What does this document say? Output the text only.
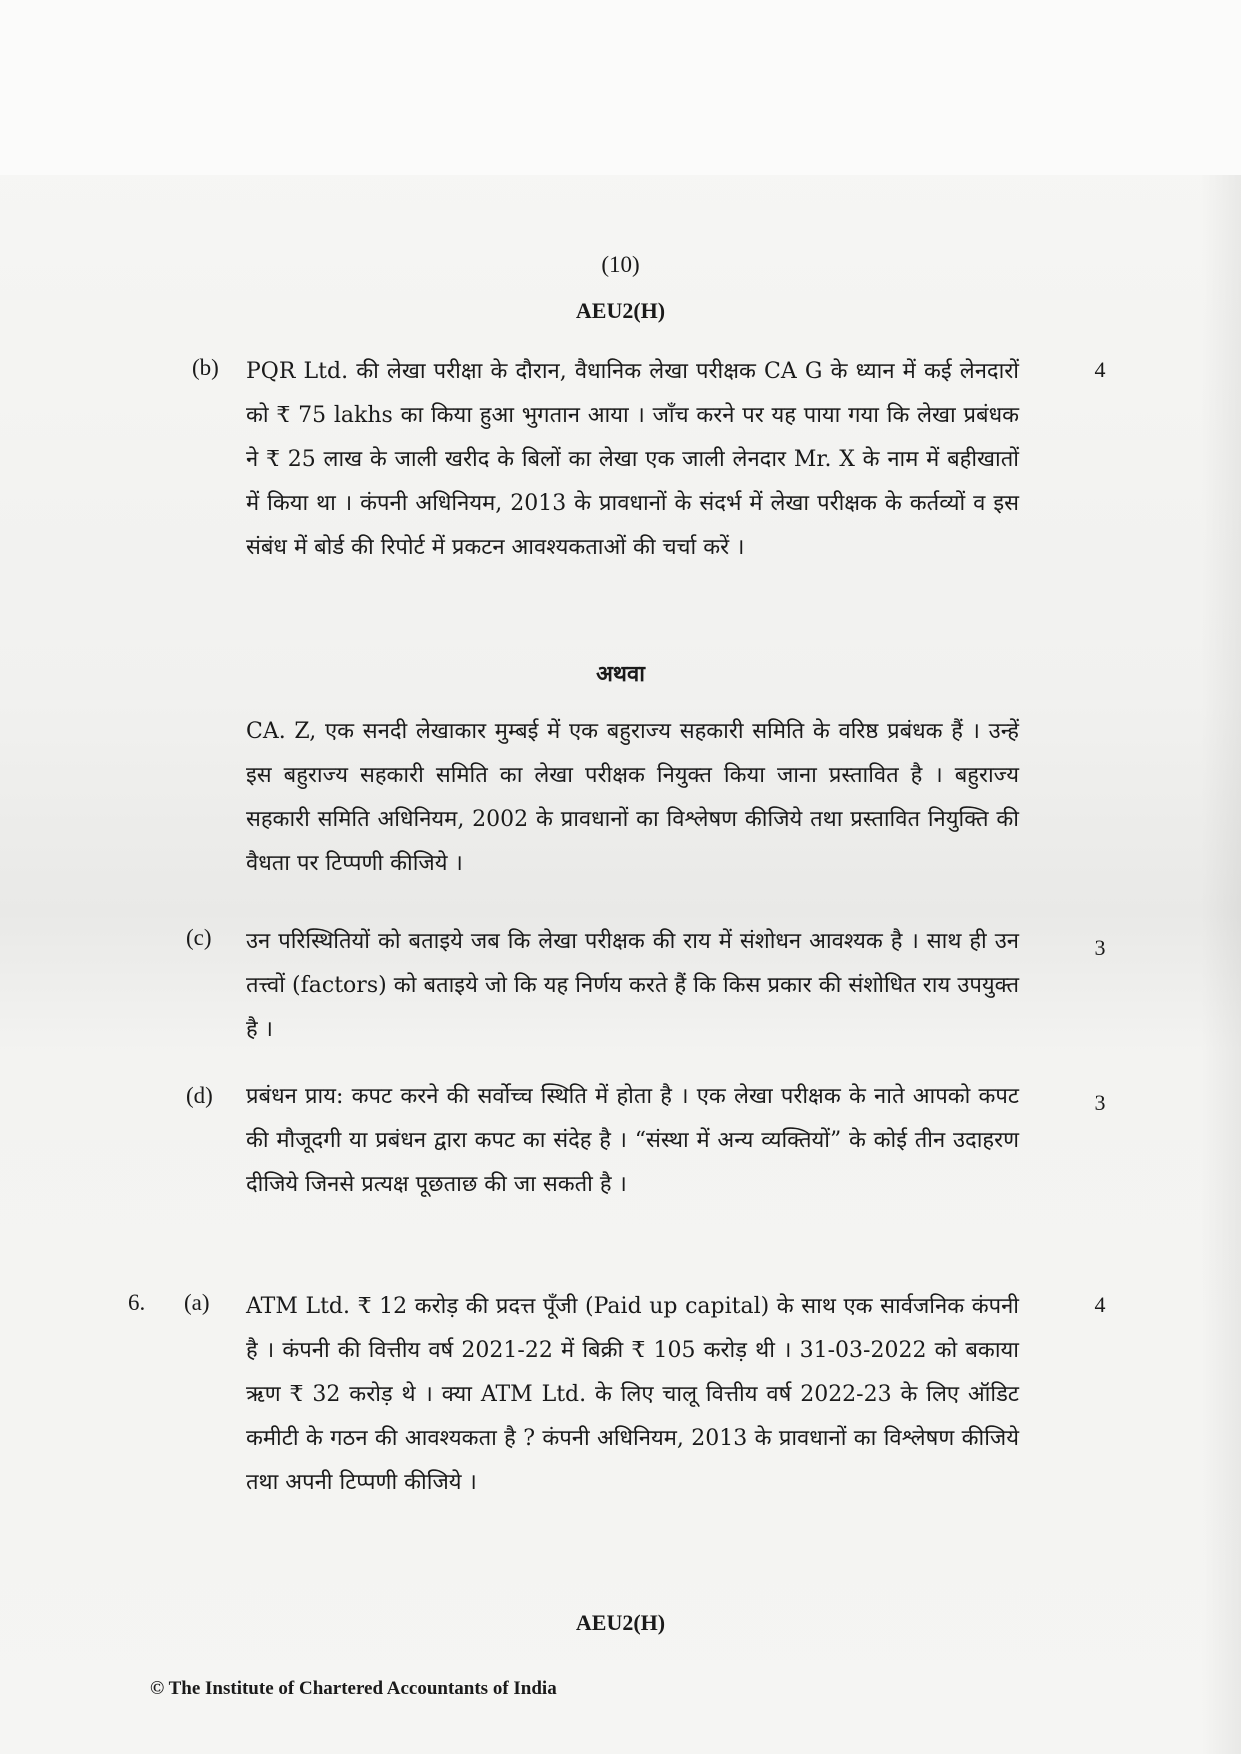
(10)
AEU2(H)
(b)	4

PQR Ltd. की लेखा परीक्षा के दौरान, वैधानिक लेखा परीक्षक CA G के ध्यान में कई लेनदारों को ₹ 75 lakhs का किया हुआ भुगतान आया । जाँच करने पर यह पाया गया कि लेखा प्रबंधक ने ₹ 25 लाख के जाली खरीद के बिलों का लेखा एक जाली लेनदार Mr. X के नाम में बहीखातों में किया था । कंपनी अधिनियम, 2013 के प्रावधानों के संदर्भ में लेखा परीक्षक के कर्तव्यों व इस संबंध में बोर्ड की रिपोर्ट में प्रकटन आवश्यकताओं की चर्चा करें ।

अथवा

CA. Z, एक सनदी लेखाकार मुम्बई में एक बहुराज्य सहकारी समिति के वरिष्ठ प्रबंधक हैं । उन्हें इस बहुराज्य सहकारी समिति का लेखा परीक्षक नियुक्त किया जाना प्रस्तावित है । बहुराज्य सहकारी समिति अधिनियम, 2002 के प्रावधानों का विश्लेषण कीजिये तथा प्रस्तावित नियुक्ति की वैधता पर टिप्पणी कीजिये ।

(c)	3

उन परिस्थितियों को बताइये जब कि लेखा परीक्षक की राय में संशोधन आवश्यक है । साथ ही उन तत्त्वों (factors) को बताइये जो कि यह निर्णय करते हैं कि किस प्रकार की संशोधित राय उपयुक्त है ।

(d)	3

प्रबंधन प्राय: कपट करने की सर्वोच्च स्थिति में होता है । एक लेखा परीक्षक के नाते आपको कपट की मौजूदगी या प्रबंधन द्वारा कपट का संदेह है । “संस्था में अन्य व्यक्तियों” के कोई तीन उदाहरण दीजिये जिनसे प्रत्यक्ष पूछताछ की जा सकती है ।

6. (a)	4

ATM Ltd. ₹ 12 करोड़ की प्रदत्त पूँजी (Paid up capital) के साथ एक सार्वजनिक कंपनी है । कंपनी की वित्तीय वर्ष 2021-22 में बिक्री ₹ 105 करोड़ थी । 31-03-2022 को बकाया ऋण ₹ 32 करोड़ थे । क्या ATM Ltd. के लिए चालू वित्तीय वर्ष 2022-23 के लिए ऑडिट कमीटी के गठन की आवश्यकता है ? कंपनी अधिनियम, 2013 के प्रावधानों का विश्लेषण कीजिये तथा अपनी टिप्पणी कीजिये ।

AEU2(H)
© The Institute of Chartered Accountants of India
